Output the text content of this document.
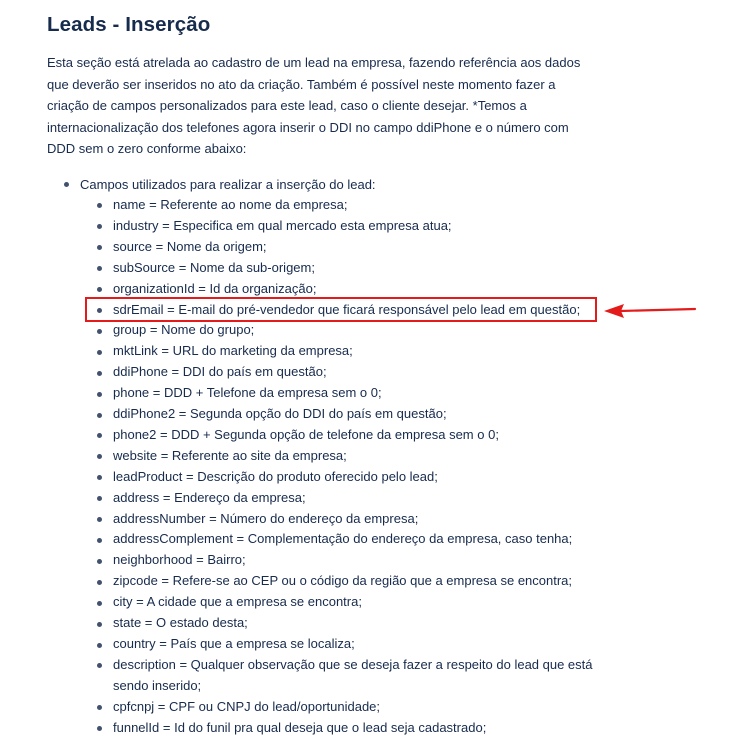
Leads - Inserção

Esta seção está atrelada ao cadastro de um lead na empresa, fazendo referência aos dados que deverão ser inseridos no ato da criação. Também é possível neste momento fazer a criação de campos personalizados para este lead, caso o cliente desejar. *Temos a internacionalização dos telefones agora inserir o DDI no campo ddiPhone e o número com DDD sem o zero conforme abaixo:

Campos utilizados para realizar a inserção do lead:
name = Referente ao nome da empresa;
industry = Especifica em qual mercado esta empresa atua;
source = Nome da origem;
subSource = Nome da sub-origem;
organizationId = Id da organização;
sdrEmail = E-mail do pré-vendedor que ficará responsável pelo lead em questão;
group = Nome do grupo;
mktLink = URL do marketing da empresa;
ddiPhone = DDI do país em questão;
phone = DDD + Telefone da empresa sem o 0;
ddiPhone2 = Segunda opção do DDI do país em questão;
phone2 = DDD + Segunda opção de telefone da empresa sem o 0;
website = Referente ao site da empresa;
leadProduct = Descrição do produto oferecido pelo lead;
address = Endereço da empresa;
addressNumber = Número do endereço da empresa;
addressComplement = Complementação do endereço da empresa, caso tenha;
neighborhood = Bairro;
zipcode = Refere-se ao CEP ou o código da região que a empresa se encontra;
city = A cidade que a empresa se encontra;
state = O estado desta;
country = País que a empresa se localiza;
description = Qualquer observação que se deseja fazer a respeito do lead que está sendo inserido;
cpfcnpj = CPF ou CNPJ do lead/oportunidade;
funnelId = Id do funil pra qual deseja que o lead seja cadastrado;
